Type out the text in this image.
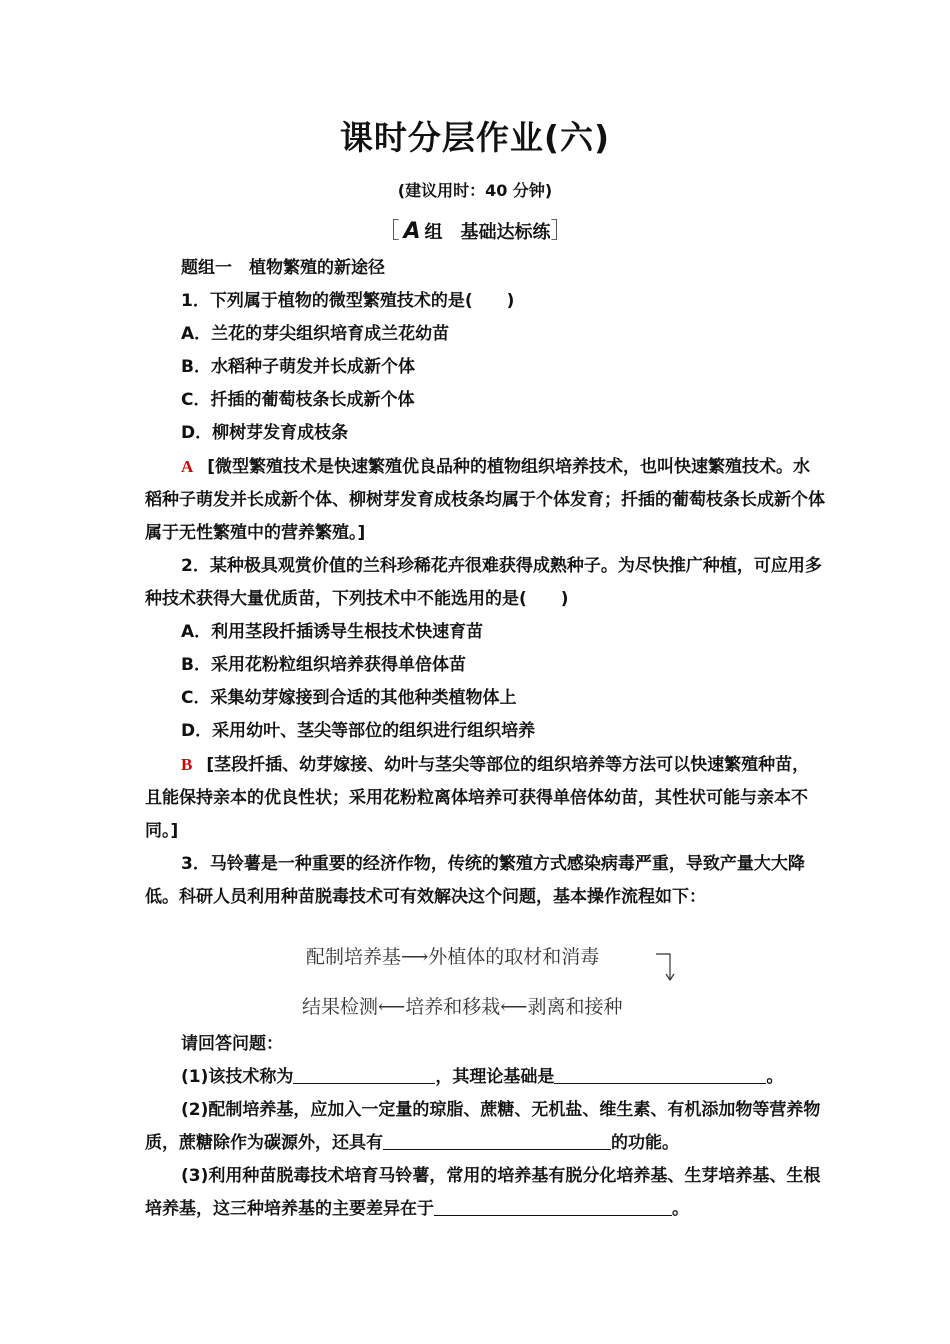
课时分层作业(六)
(建议用时：40 分钟)
［ A 组　基础达标练］

题组一　植物繁殖的新途径

1．下列属于植物的微型繁殖技术的是(　　)

A．兰花的芽尖组织培育成兰花幼苗

B．水稻种子萌发并长成新个体

C．扦插的葡萄枝条长成新个体

D．柳树芽发育成枝条

A [微型繁殖技术是快速繁殖优良品种的植物组织培养技术，也叫快速繁殖技术。水稻种子萌发并长成新个体、柳树芽发育成枝条均属于个体发育；扦插的葡萄枝条长成新个体属于无性繁殖中的营养繁殖。]

2．某种极具观赏价值的兰科珍稀花卉很难获得成熟种子。为尽快推广种植，可应用多种技术获得大量优质苗，下列技术中不能选用的是(　　)

A．利用茎段扦插诱导生根技术快速育苗

B．采用花粉粒组织培养获得单倍体苗

C．采集幼芽嫁接到合适的其他种类植物体上

D．采用幼叶、茎尖等部位的组织进行组织培养

B [茎段扦插、幼芽嫁接、幼叶与茎尖等部位的组织培养等方法可以快速繁殖种苗，且能保持亲本的优良性状；采用花粉粒离体培养可获得单倍体幼苗，其性状可能与亲本不同。]

3．马铃薯是一种重要的经济作物，传统的繁殖方式感染病毒严重，导致产量大大降低。科研人员利用种苗脱毒技术可有效解决这个问题，基本操作流程如下：

请回答问题：

(1)该技术称为	，其理论基础是	。

(2)配制培养基，应加入一定量的琼脂、蔗糖、无机盐、维生素、有机添加物等营养物质，蔗糖除作为碳源外，还具有	的功能。

(3)利用种苗脱毒技术培育马铃薯，常用的培养基有脱分化培养基、生芽培养基、生根培养基，这三种培养基的主要差异在于	。

配制培养基⟶外植体的取材和消毒
结果检测⟵培养和移栽⟵剥离和接种
